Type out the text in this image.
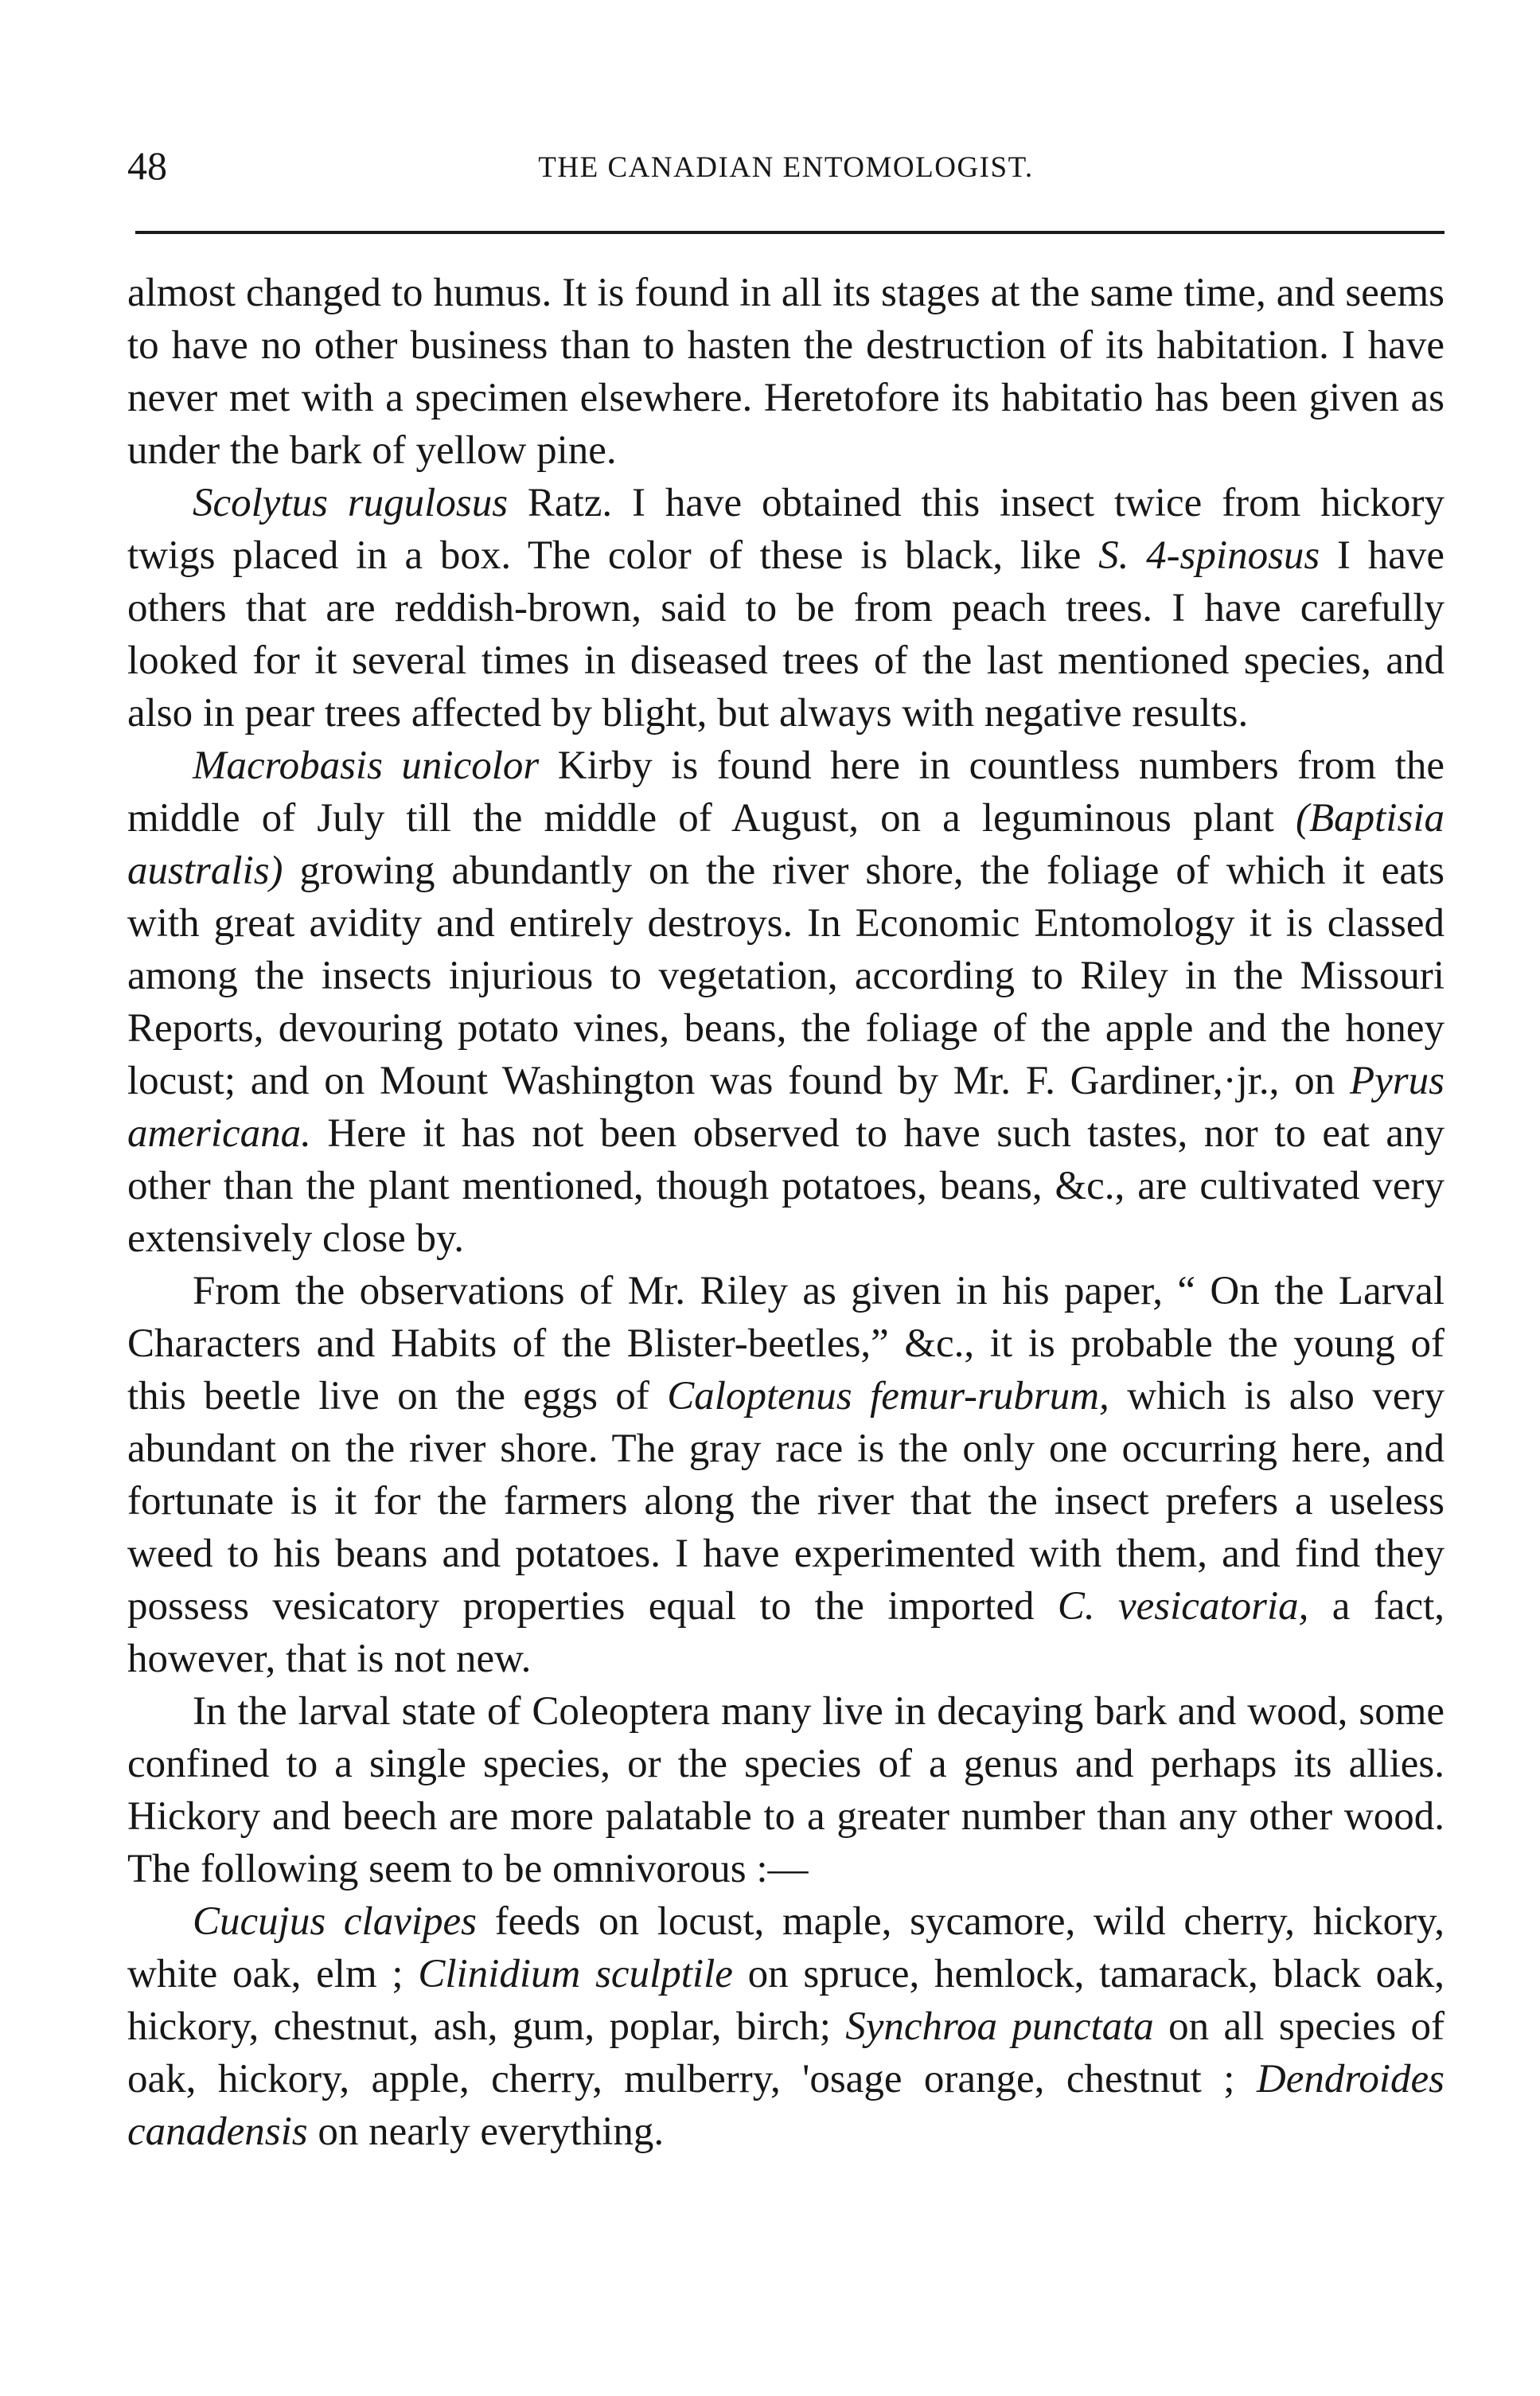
48	THE CANADIAN ENTOMOLOGIST.

almost changed to humus. It is found in all its stages at the same time, and seems to have no other business than to hasten the destruction of its habitation. I have never met with a specimen elsewhere. Heretofore its habitatio has been given as under the bark of yellow pine.

Scolytus rugulosus Ratz. I have obtained this insect twice from hickory twigs placed in a box. The color of these is black, like S. 4-spinosus I have others that are reddish-brown, said to be from peach trees. I have carefully looked for it several times in diseased trees of the last mentioned species, and also in pear trees affected by blight, but always with negative results.

Macrobasis unicolor Kirby is found here in countless numbers from the middle of July till the middle of August, on a leguminous plant (Baptisia australis) growing abundantly on the river shore, the foliage of which it eats with great avidity and entirely destroys. In Economic Entomology it is classed among the insects injurious to vegetation, according to Riley in the Missouri Reports, devouring potato vines, beans, the foliage of the apple and the honey locust; and on Mount Washington was found by Mr. F. Gardiner,·jr., on Pyrus americana. Here it has not been observed to have such tastes, nor to eat any other than the plant mentioned, though potatoes, beans, &c., are cultivated very extensively close by.

From the observations of Mr. Riley as given in his paper, “ On the Larval Characters and Habits of the Blister-beetles,” &c., it is probable the young of this beetle live on the eggs of Caloptenus femur-rubrum, which is also very abundant on the river shore. The gray race is the only one occurring here, and fortunate is it for the farmers along the river that the insect prefers a useless weed to his beans and potatoes. I have experimented with them, and find they possess vesicatory properties equal to the imported C. vesicatoria, a fact, however, that is not new.

In the larval state of Coleoptera many live in decaying bark and wood, some confined to a single species, or the species of a genus and perhaps its allies. Hickory and beech are more palatable to a greater number than any other wood. The following seem to be omnivorous :—

Cucujus clavipes feeds on locust, maple, sycamore, wild cherry, hickory, white oak, elm ; Clinidium sculptile on spruce, hemlock, tamarack, black oak, hickory, chestnut, ash, gum, poplar, birch; Synchroa punctata on all species of oak, hickory, apple, cherry, mulberry, 'osage orange, chestnut ; Dendroides canadensis on nearly everything.
